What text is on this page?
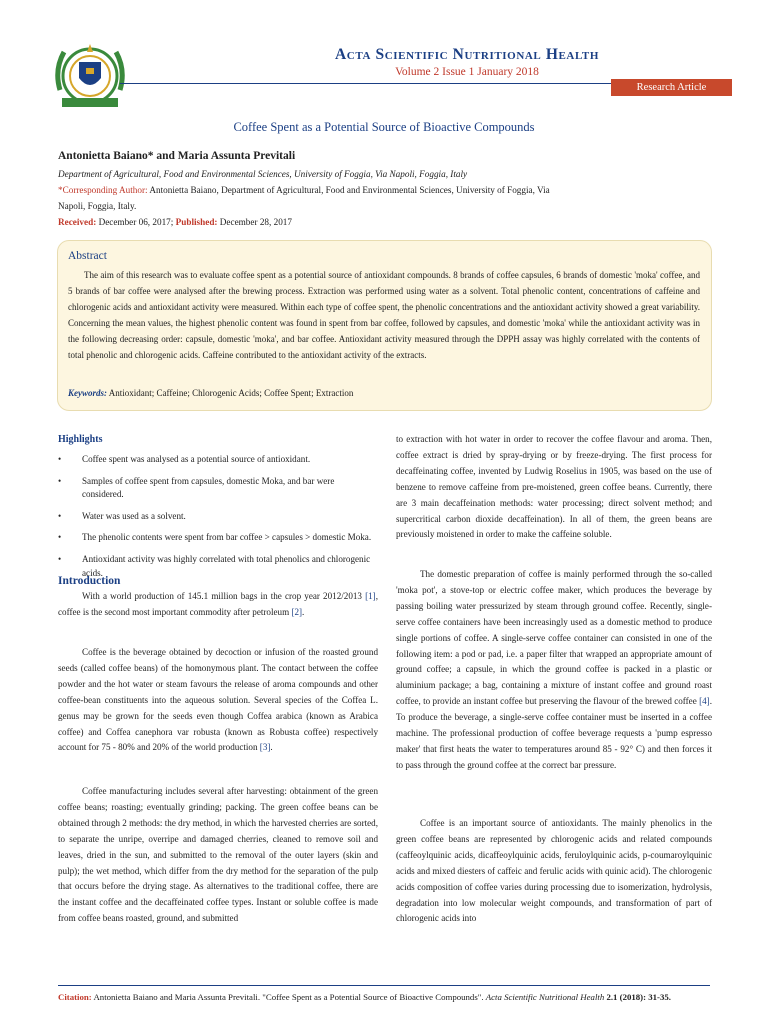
Acta Scientific Nutritional Health
Volume 2 Issue 1 January 2018
Research Article
Coffee Spent as a Potential Source of Bioactive Compounds
Antonietta Baiano* and Maria Assunta Previtali
Department of Agricultural, Food and Environmental Sciences, University of Foggia, Via Napoli, Foggia, Italy
*Corresponding Author: Antonietta Baiano, Department of Agricultural, Food and Environmental Sciences, University of Foggia, Via
Napoli, Foggia, Italy.
Received: December 06, 2017; Published: December 28, 2017
Abstract
The aim of this research was to evaluate coffee spent as a potential source of antioxidant compounds. 8 brands of coffee capsules, 6 brands of domestic 'moka' coffee, and 5 brands of bar coffee were analysed after the brewing process. Extraction was performed using water as a solvent. Total phenolic content, concentrations of caffeine and chlorogenic acids and antioxidant activity were measured. Within each type of coffee spent, the phenolic concentrations and the antioxidant activity showed a great variability. Concerning the mean values, the highest phenolic content was found in spent from bar coffee, followed by capsules, and domestic 'moka' while the antioxidant activity was in the following decreasing order: capsule, domestic 'moka', and bar coffee. Antioxidant activity measured through the DPPH assay was highly correlated with the contents of total phenolic and chlorogenic acids. Caffeine contributed to the antioxidant activity of the extracts.
Keywords: Antioxidant; Caffeine; Chlorogenic Acids; Coffee Spent; Extraction
Highlights
• Coffee spent was analysed as a potential source of antioxidant.
• Samples of coffee spent from capsules, domestic Moka, and bar were considered.
• Water was used as a solvent.
• The phenolic contents were spent from bar coffee > capsules > domestic Moka.
• Antioxidant activity was highly correlated with total phenolics and chlorogenic acids.
Introduction

With a world production of 145.1 million bags in the crop year 2012/2013 [1], coffee is the second most important commodity after petroleum [2].

Coffee is the beverage obtained by decoction or infusion of the roasted ground seeds (called coffee beans) of the homonymous plant. The contact between the coffee powder and the hot water or steam favours the release of aroma compounds and other coffee-bean constituents into the aqueous solution. Several species of the Coffea L. genus may be grown for the seeds even though Coffea arabica (known as Arabica coffee) and Coffea canephora var robusta (known as Robusta coffee) respectively account for 75 - 80% and 20% of the world production [3].

Coffee manufacturing includes several after harvesting: obtainment of the green coffee beans; roasting; eventually grinding; packing. The green coffee beans can be obtained through 2 methods: the dry method, in which the harvested cherries are sorted, to separate the unripe, overripe and damaged cherries, cleaned to remove soil and leaves, dried in the sun, and submitted to the removal of the outer layers (skin and pulp); the wet method, which differ from the dry method for the separation of the pulp that occurs before the drying stage. As alternatives to the traditional coffee, there are the instant coffee and the decaffeinated coffee types. Instant or soluble coffee is made from coffee beans roasted, ground, and submitted

to extraction with hot water in order to recover the coffee flavour and aroma. Then, coffee extract is dried by spray-drying or by freeze-drying. The first process for decaffeinating coffee, invented by Ludwig Roselius in 1905, was based on the use of benzene to remove caffeine from pre-moistened, green coffee beans. Currently, there are 3 main decaffeination methods: water processing; direct solvent method; and supercritical carbon dioxide decaffeination). In all of them, the green beans are previously moistened in order to make the caffeine soluble.

The domestic preparation of coffee is mainly performed through the so-called 'moka pot', a stove-top or electric coffee maker, which produces the beverage by passing boiling water pressurized by steam through ground coffee. Recently, single-serve coffee containers have been increasingly used as a domestic method to produce single portions of coffee. A single-serve coffee container can consisted in one of the following item: a pod or pad, i.e. a paper filter that wrapped an appropriate amount of ground coffee; a capsule, in which the ground coffee is packed in a plastic or aluminium package; a bag, containing a mixture of instant coffee and ground roast coffee, to provide an instant coffee but preserving the flavour of the brewed coffee [4]. To produce the beverage, a single-serve coffee container must be inserted in a coffee machine. The professional production of coffee beverage requests a 'pump espresso maker' that first heats the water to temperatures around 85 - 92° C) and then forces it to pass through the ground coffee at the correct bar pressure.

Coffee is an important source of antioxidants. The mainly phenolics in the green coffee beans are represented by chlorogenic acids and related compounds (caffeoylquinic acids, dicaffeoylquinic acids, feruloylquinic acids, p-coumaroylquinic acids and mixed diesters of caffeic and ferulic acids with quinic acid). The chlorogenic acids composition of coffee varies during processing due to isomerization, hydrolysis, degradation into low molecular weight compounds, and transformation of part of chlorogenic acids into

Citation: Antonietta Baiano and Maria Assunta Previtali. "Coffee Spent as a Potential Source of Bioactive Compounds". Acta Scientific Nutritional Health 2.1 (2018): 31-35.
